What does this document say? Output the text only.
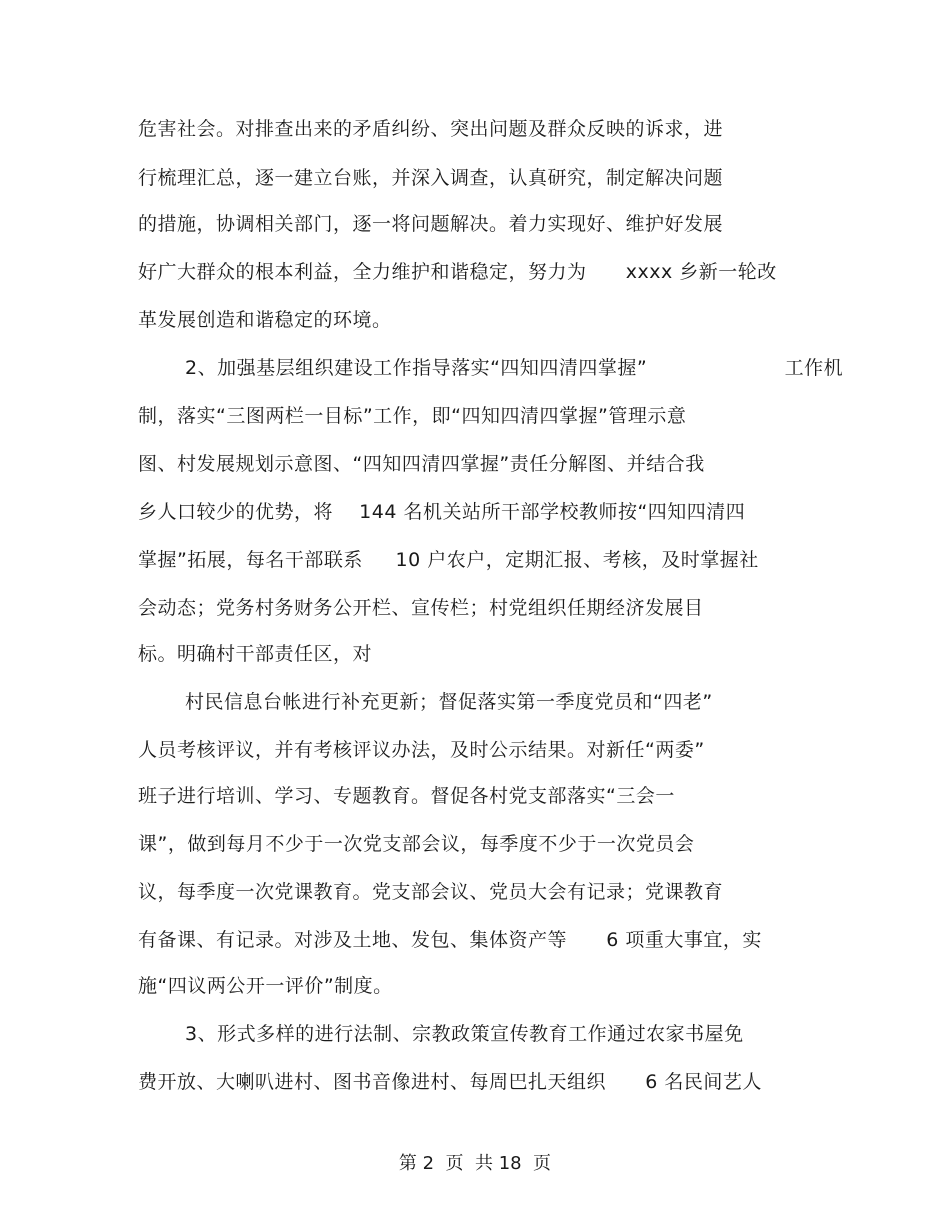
危害社会。对排查出来的矛盾纠纷、突出问题及群众反映的诉求，进
行梳理汇总，逐一建立台账，并深入调查，认真研究，制定解决问题
的措施，协调相关部门，逐一将问题解决。着力实现好、维护好发展
好广大群众的根本利益，全力维护和谐稳定，努力为      xxxx 乡新一轮改
革发展创造和谐稳定的环境。
2、加强基层组织建设工作指导落实“四知四清四掌握”                     工作机
制，落实“三图两栏一目标”工作，即“四知四清四掌握”管理示意
图、村发展规划示意图、“四知四清四掌握”责任分解图、并结合我
乡人口较少的优势，将    144 名机关站所干部学校教师按“四知四清四
掌握”拓展，每名干部联系     10 户农户，定期汇报、考核，及时掌握社
会动态；党务村务财务公开栏、宣传栏；村党组织任期经济发展目
标。明确村干部责任区，对
村民信息台帐进行补充更新；督促落实第一季度党员和“四老”
人员考核评议，并有考核评议办法，及时公示结果。对新任“两委”
班子进行培训、学习、专题教育。督促各村党支部落实“三会一
课”，做到每月不少于一次党支部会议，每季度不少于一次党员会
议，每季度一次党课教育。党支部会议、党员大会有记录；党课教育
有备课、有记录。对涉及土地、发包、集体资产等      6 项重大事宜，实
施“四议两公开一评价”制度。
3、形式多样的进行法制、宗教政策宣传教育工作通过农家书屋免
费开放、大喇叭进村、图书音像进村、每周巴扎天组织      6 名民间艺人
第 2  页  共 18  页
